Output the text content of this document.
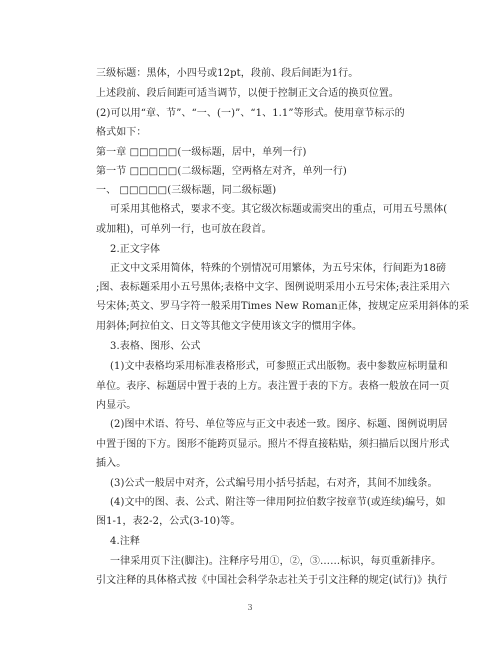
三级标题：黑体，小四号或12pt，段前、段后间距为1行。
上述段前、段后间距可适当调节，以便于控制正文合适的换页位置。
(2)可以用“章、节”、“一、(一)”、“1、1.1”等形式。使用章节标示的
格式如下：
第一章 □□□□□(一级标题，居中，单列一行)
第一节 □□□□□(二级标题，空两格左对齐，单列一行)
一、 □□□□□(三级标题，同二级标题)
可采用其他格式，要求不变。其它级次标题或需突出的重点，可用五号黑体(
或加粗)，可单列一行，也可放在段首。
2.正文字体
正文中文采用简体，特殊的个别情况可用繁体，为五号宋体，行间距为18磅
;图、表标题采用小五号黑体;表格中文字、图例说明采用小五号宋体;表注采用六
号宋体;英文、罗马字符一般采用Times New Roman正体，按规定应采用斜体的采
用斜体;阿拉伯文、日文等其他文字使用该文字的惯用字体。
3.表格、图形、公式
(1)文中表格均采用标准表格形式，可参照正式出版物。表中参数应标明量和
单位。表序、标题居中置于表的上方。表注置于表的下方。表格一般放在同一页
内显示。
(2)图中术语、符号、单位等应与正文中表述一致。图序、标题、图例说明居
中置于图的下方。图形不能跨页显示。照片不得直接粘贴，须扫描后以图片形式
插入。
(3)公式一般居中对齐，公式编号用小括号括起，右对齐，其间不加线条。
(4)文中的图、表、公式、附注等一律用阿拉伯数字按章节(或连续)编号，如
图1-1，表2-2，公式(3-10)等。
4.注释
一律采用页下注(脚注)。注释序号用①，②，③……标识，每页重新排序。
引文注释的具体格式按《中国社会科学杂志社关于引文注释的规定(试行)》执行
3
